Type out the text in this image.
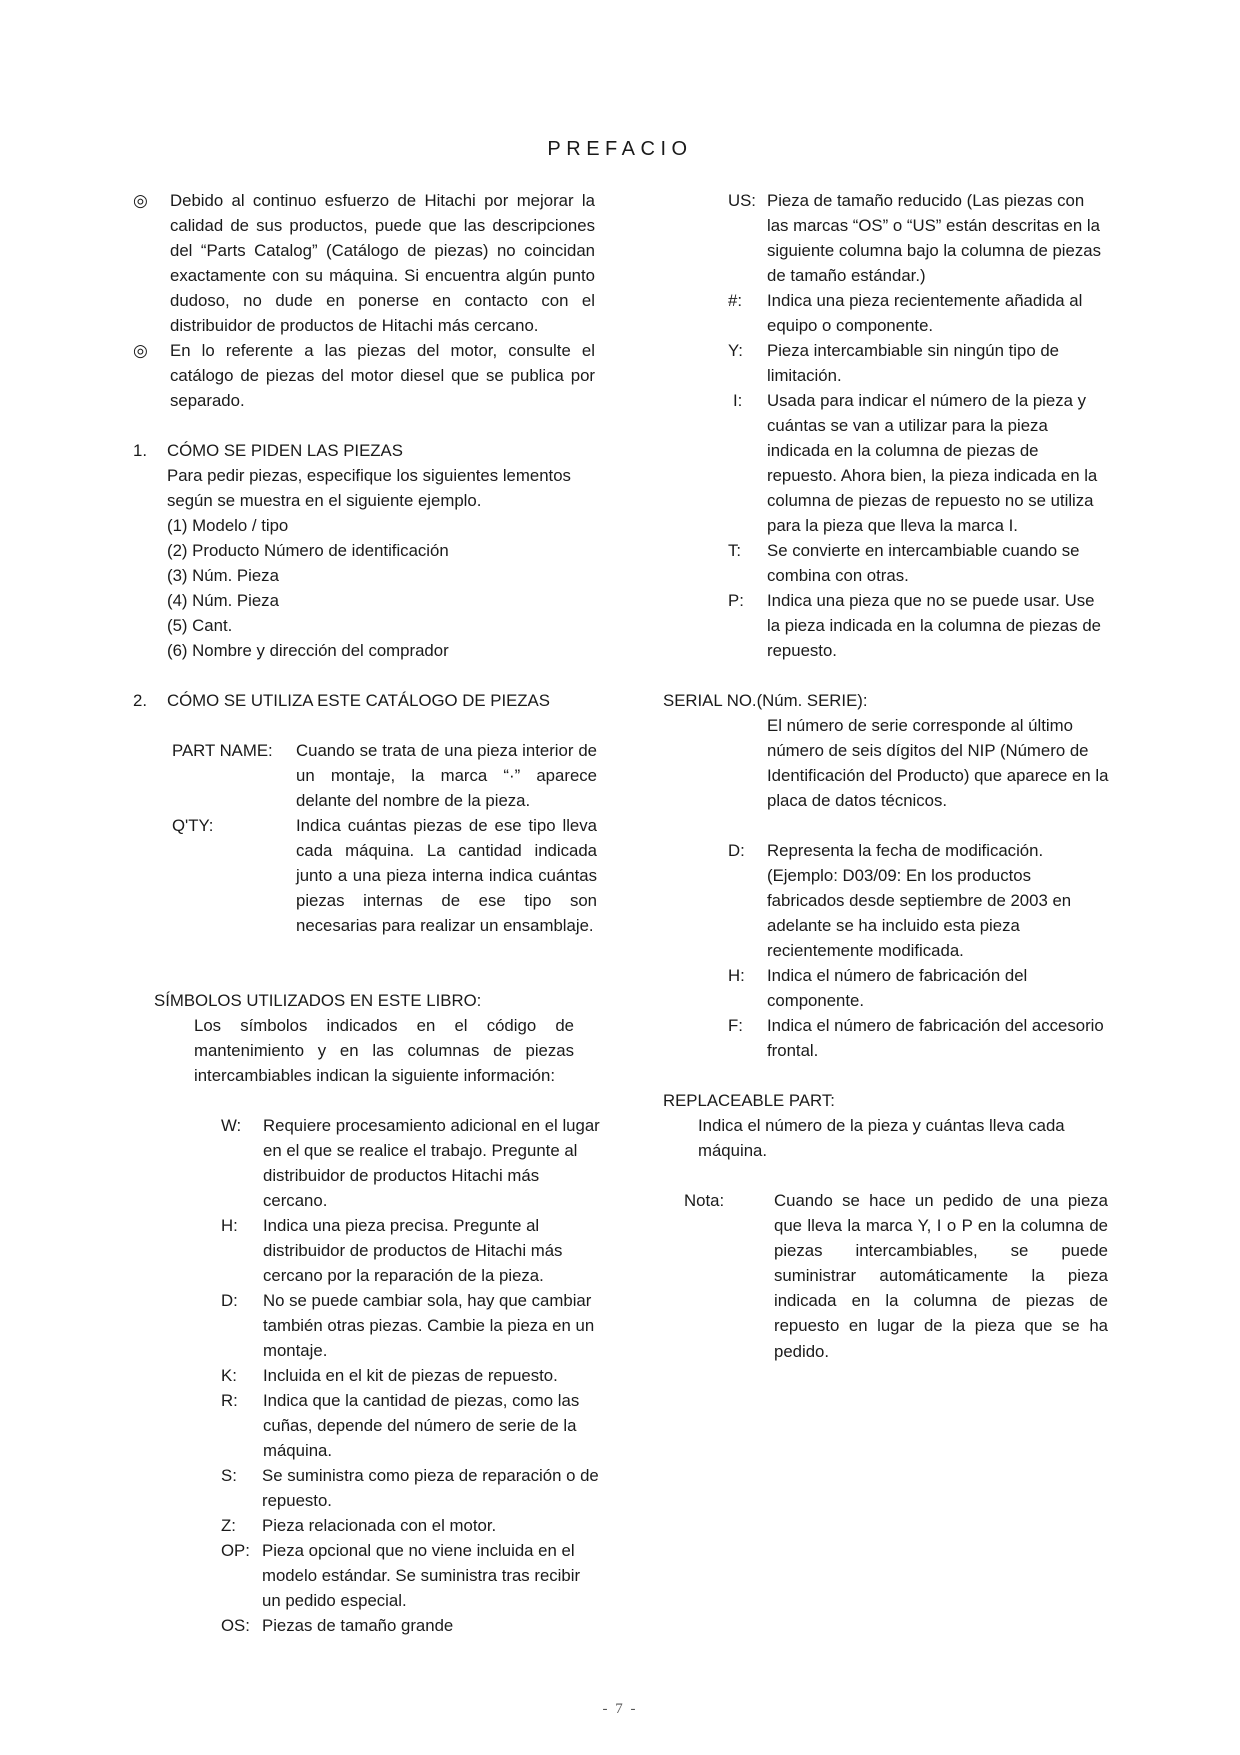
PREFACIO
◎ Debido al continuo esfuerzo de Hitachi por mejorar la calidad de sus productos, puede que las descripciones del “Parts Catalog” (Catálogo de piezas) no coincidan exactamente con su máquina. Si encuentra algún punto dudoso, no dude en ponerse en contacto con el distribuidor de productos de Hitachi más cercano.
◎ En lo referente a las piezas del motor, consulte el catálogo de piezas del motor diesel que se publica por separado.
1. CÓMO SE PIDEN LAS PIEZAS
Para pedir piezas, especifique los siguientes lementos según se muestra en el siguiente ejemplo.
(1) Modelo / tipo
(2) Producto Número de identificación
(3) Núm. Pieza
(4) Núm. Pieza
(5) Cant.
(6) Nombre y dirección del comprador
2. CÓMO SE UTILIZA ESTE CATÁLOGO DE PIEZAS
PART NAME: Cuando se trata de una pieza interior de un montaje, la marca “·” aparece delante del nombre de la pieza.
Q'TY:	Indica cuántas piezas de ese tipo lleva cada máquina. La cantidad indicada junto a una pieza interna indica cuántas piezas internas de ese tipo son necesarias para realizar un ensamblaje.
SÍMBOLOS UTILIZADOS EN ESTE LIBRO:
Los símbolos indicados en el código de mantenimiento y en las columnas de piezas intercambiables indican la siguiente información:
W: Requiere procesamiento adicional en el lugar en el que se realice el trabajo. Pregunte al distribuidor de productos Hitachi más cercano.
H: Indica una pieza precisa. Pregunte al distribuidor de productos de Hitachi más cercano por la reparación de la pieza.
D: No se puede cambiar sola, hay que cambiar también otras piezas. Cambie la pieza en un montaje.
K: Incluida en el kit de piezas de repuesto.
R: Indica que la cantidad de piezas, como las cuñas, depende del número de serie de la máquina.
S: Se suministra como pieza de reparación o de repuesto.
Z: Pieza relacionada con el motor.
OP: Pieza opcional que no viene incluida en el modelo estándar. Se suministra tras recibir un pedido especial.
OS: Piezas de tamaño grande
US: Pieza de tamaño reducido (Las piezas con las marcas “OS” o “US” están descritas en la siguiente columna bajo la columna de piezas de tamaño estándar.)
#: Indica una pieza recientemente añadida al equipo o componente.
Y: Pieza intercambiable sin ningún tipo de limitación.
I: Usada para indicar el número de la pieza y cuántas se van a utilizar para la pieza indicada en la columna de piezas de repuesto. Ahora bien, la pieza indicada en la columna de piezas de repuesto no se utiliza para la pieza que lleva la marca I.
T: Se convierte en intercambiable cuando se combina con otras.
P: Indica una pieza que no se puede usar. Use la pieza indicada en la columna de piezas de repuesto.
SERIAL NO.(Núm. SERIE):
El número de serie corresponde al último número de seis dígitos del NIP (Número de Identificación del Producto) que aparece en la placa de datos técnicos.
D: Representa la fecha de modificación. (Ejemplo: D03/09: En los productos fabricados desde septiembre de 2003 en adelante se ha incluido esta pieza recientemente modificada.
H: Indica el número de fabricación del componente.
F: Indica el número de fabricación del accesorio frontal.
REPLACEABLE PART:
Indica el número de la pieza y cuántas lleva cada máquina.
Nota:	Cuando se hace un pedido de una pieza que lleva la marca Y, I o P en la columna de piezas intercambiables, se puede suministrar automáticamente la pieza indicada en la columna de piezas de repuesto en lugar de la pieza que se ha pedido.
- 7 -
